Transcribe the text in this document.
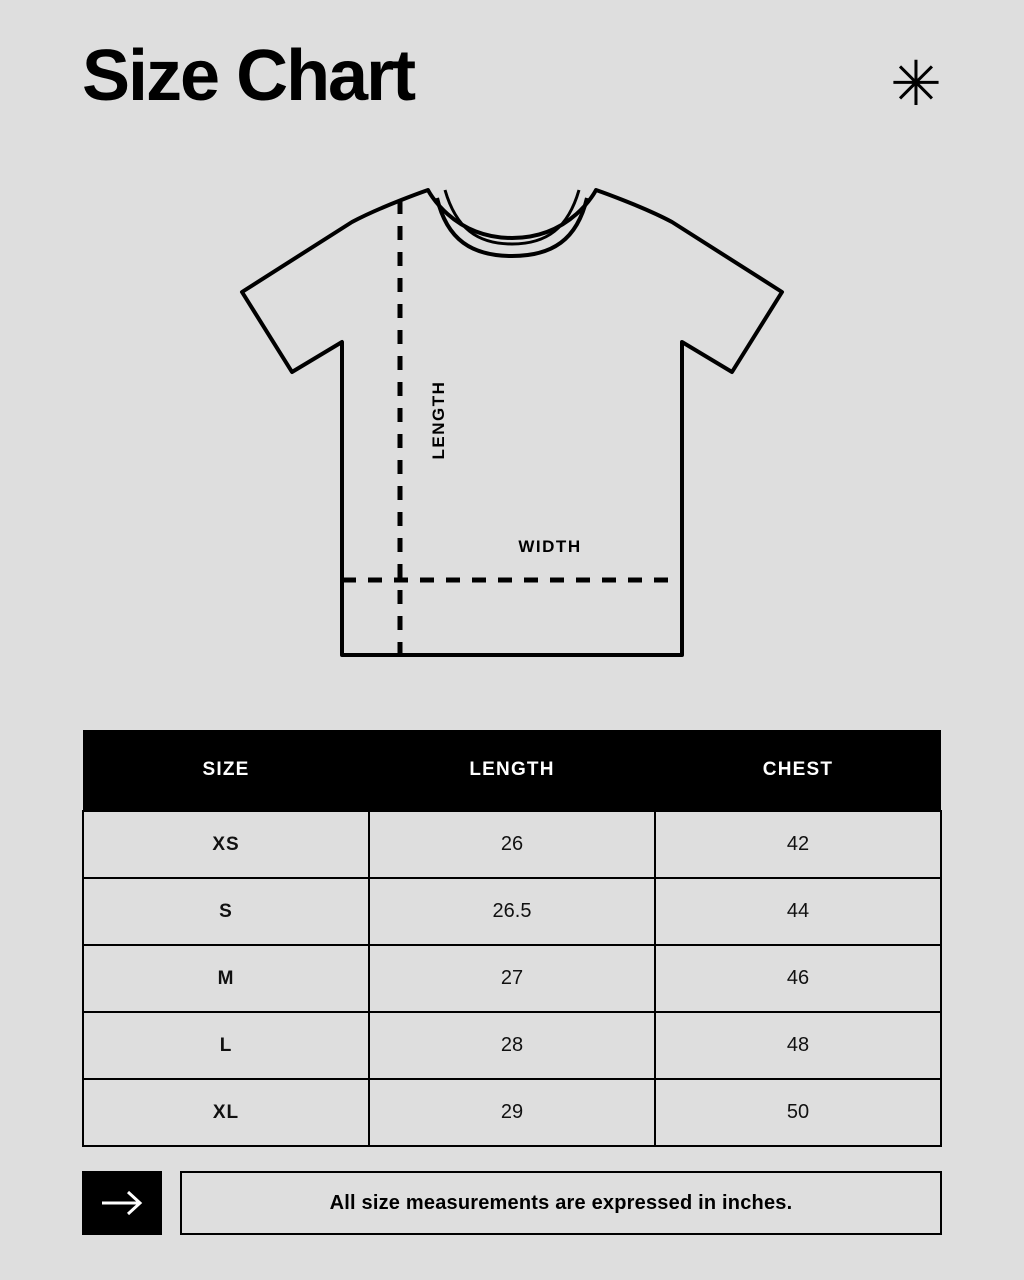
Size Chart	✳
LENGTH
WIDTH
SIZE	LENGTH	CHEST
XS	26	42
S	26.5	44
M	27	46
L	28	48
XL	29	50
All size measurements are expressed in inches.
